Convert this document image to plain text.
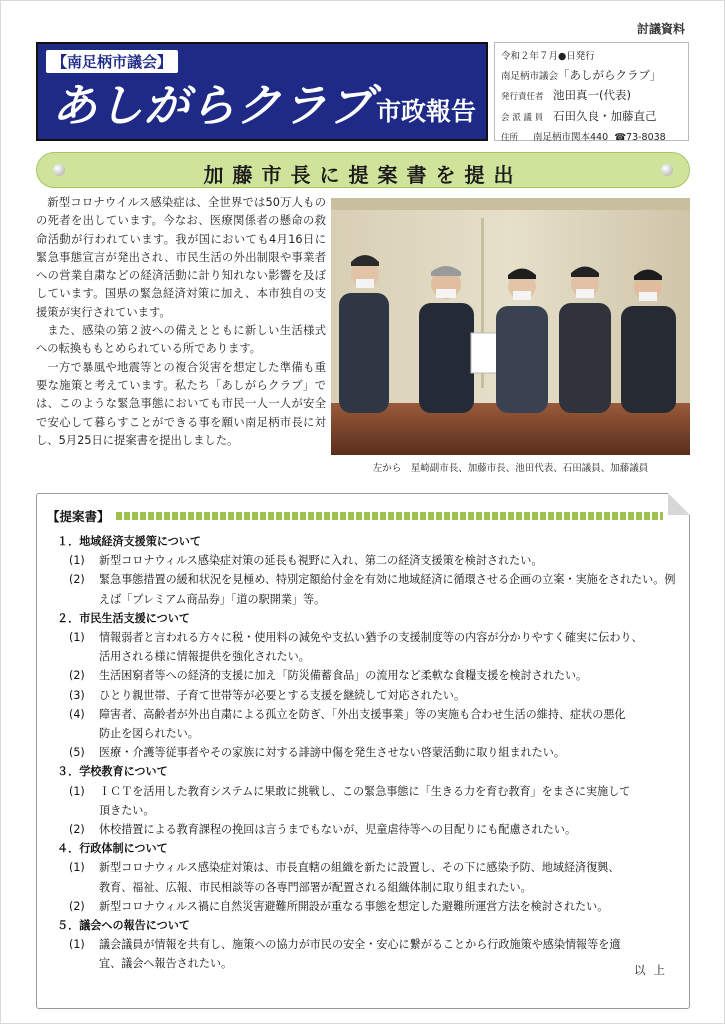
討議資料
【南足柄市議会】
あしがらクラブ 市政報告
令和２年７月●日発行
南足柄市議会「あしがらクラブ」
発行責任者 池田真一(代表)
会 派 議 員 石田久良・加藤直己
住所 南足柄市関本440 ☎73-8038
加藤市長に提案書を提出

新型コロナウイルス感染症は、全世界では50万人ものの死者を出しています。今なお、医療関係者の懸命の救命活動が行われています。我が国においても4月16日に緊急事態宣言が発出され、市民生活の外出制限や事業者への営業自粛などの経済活動に計り知れない影響を及ぼしています。国県の緊急経済対策に加え、本市独自の支援策が実行されています。

また、感染の第２波への備えとともに新しい生活様式への転換ももとめられている所であります。

一方で暴風や地震等との複合災害を想定した準備も重要な施策と考えています。私たち「あしがらクラブ」では、このような緊急事態においても市民一人一人が安全で安心して暮らすことができる事を願い南足柄市長に対し、5月25日に提案書を提出しました。

左から　星崎副市長、加藤市長、池田代表、石田議員、加藤議員
【提案書】
１．地域経済支援策について
(1) 新型コロナウィルス感染症対策の延長も視野に入れ、第二の経済支援策を検討されたい。
(2) 緊急事態措置の緩和状況を見極め、特別定額給付金を有効に地域経済に循環させる企画の立案・実施をされたい。例えば「プレミアム商品券」「道の駅開業」等。
２．市民生活支援について
(1) 情報弱者と言われる方々に税・使用料の減免や支払い猶予の支援制度等の内容が分かりやすく確実に伝わり、
活用される様に情報提供を強化されたい。
(2) 生活困窮者等への経済的支援に加え「防災備蓄食品」の流用など柔軟な食糧支援を検討されたい。
(3) ひとり親世帯、子育て世帯等が必要とする支援を継続して対応されたい。
(4) 障害者、高齢者が外出自粛による孤立を防ぎ、「外出支援事業」等の実施も合わせ生活の維持、症状の悪化
防止を図られたい。
(5) 医療・介護等従事者やその家族に対する誹謗中傷を発生させない啓蒙活動に取り組まれたい。
３．学校教育について
(1) ＩＣＴを活用した教育システムに果敢に挑戦し、この緊急事態に「生きる力を育む教育」をまさに実施して
頂きたい。
(2) 休校措置による教育課程の挽回は言うまでもないが、児童虐待等への目配りにも配慮されたい。
４．行政体制について
(1) 新型コロナウィルス感染症対策は、市長直轄の組織を新たに設置し、その下に感染予防、地域経済復興、
教育、福祉、広報、市民相談等の各専門部署が配置される組織体制に取り組まれたい。
(2) 新型コロナウィルス禍に自然災害避難所開設が重なる事態を想定した避難所運営方法を検討されたい。
５．議会への報告について
(1) 議会議員が情報を共有し、施策への協力が市民の安全・安心に繋がることから行政施策や感染情報等を適
宜、議会へ報告されたい。	以上
